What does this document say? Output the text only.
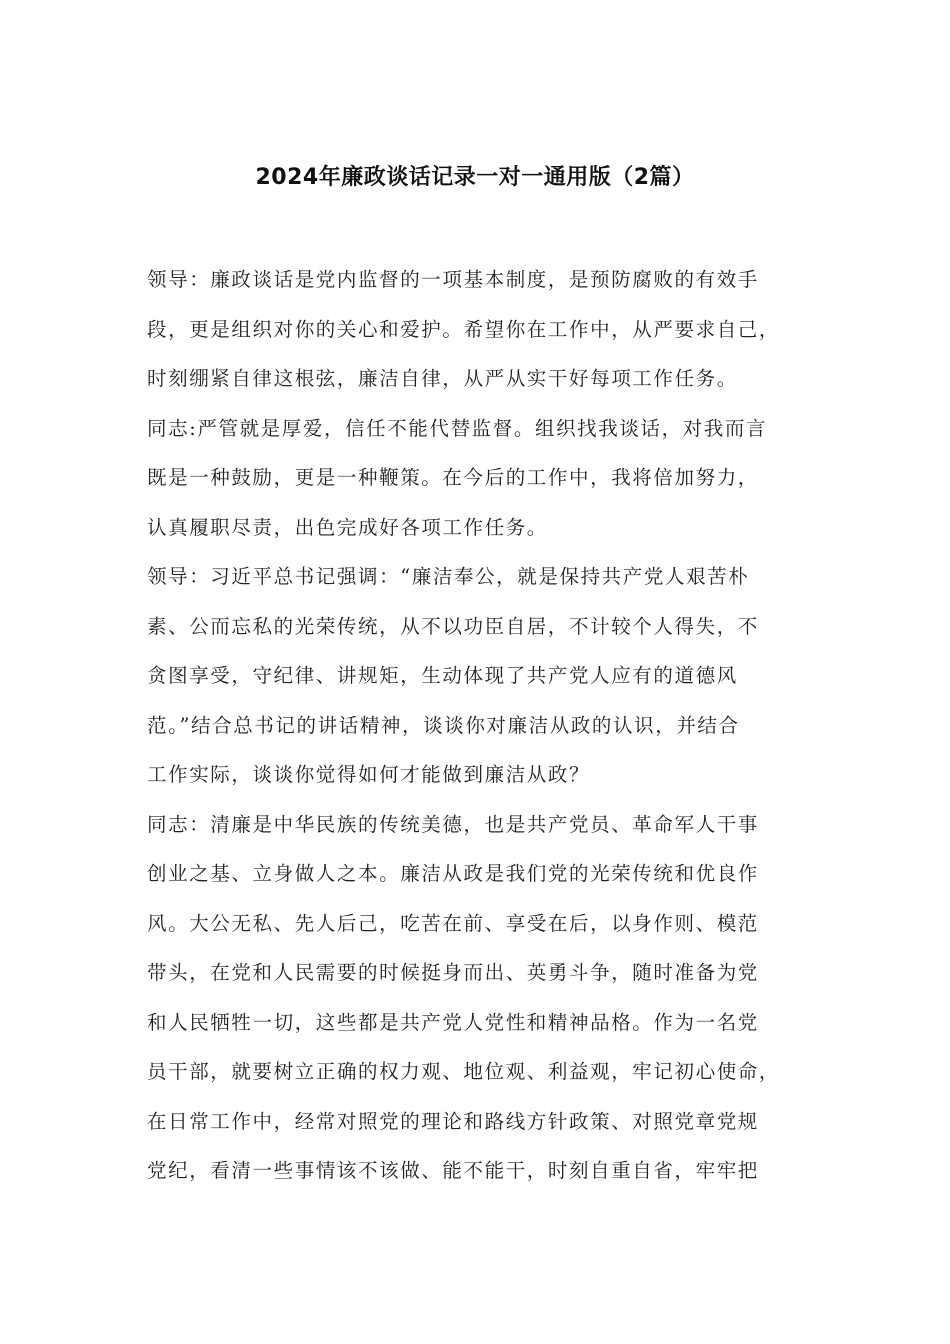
2024年廉政谈话记录一对一通用版（2篇）
领导：廉政谈话是党内监督的一项基本制度，是预防腐败的有效手
段，更是组织对你的关心和爱护。希望你在工作中，从严要求自己，
时刻绷紧自律这根弦，廉洁自律，从严从实干好每项工作任务。
同志:严管就是厚爱，信任不能代替监督。组织找我谈话，对我而言
既是一种鼓励，更是一种鞭策。在今后的工作中，我将倍加努力，
认真履职尽责，出色完成好各项工作任务。
领导：习近平总书记强调：“廉洁奉公，就是保持共产党人艰苦朴
素、公而忘私的光荣传统，从不以功臣自居，不计较个人得失，不
贪图享受，守纪律、讲规矩，生动体现了共产党人应有的道德风
范。”结合总书记的讲话精神，谈谈你对廉洁从政的认识，并结合
工作实际，谈谈你觉得如何才能做到廉洁从政？
同志：清廉是中华民族的传统美德，也是共产党员、革命军人干事
创业之基、立身做人之本。廉洁从政是我们党的光荣传统和优良作
风。大公无私、先人后己，吃苦在前、享受在后，以身作则、模范
带头，在党和人民需要的时候挺身而出、英勇斗争，随时准备为党
和人民牺牲一切，这些都是共产党人党性和精神品格。作为一名党
员干部，就要树立正确的权力观、地位观、利益观，牢记初心使命，
在日常工作中，经常对照党的理论和路线方针政策、对照党章党规
党纪，看清一些事情该不该做、能不能干，时刻自重自省，牢牢把
